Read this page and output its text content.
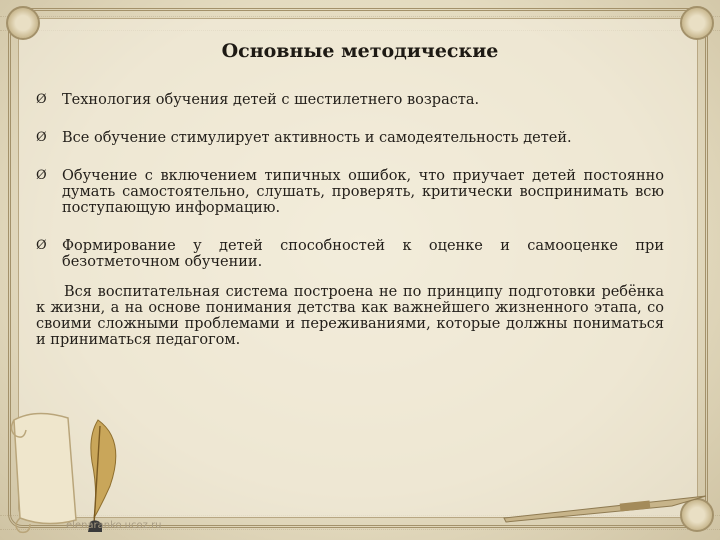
Основные методические
Ø	Технология обучения детей с шестилетнего возраста.
Ø	Все обучение стимулирует активность и самодеятельность детей.
Ø	Обучение с включением типичных ошибок, что приучает детей постоянно думать самостоятельно, слушать, проверять, критически воспринимать всю поступающую информацию.
Ø	Формирование у детей способностей к оценке и самооценке при безотметочном обучении.
Вся воспитательная система построена не по принципу подготовки ребёнка к жизни, а на основе понимания детства как важнейшего жизненного этапа, со своими сложными проблемами и переживаниями, которые должны пониматься и приниматься педагогом.
elenaranko.ucoz.ru
